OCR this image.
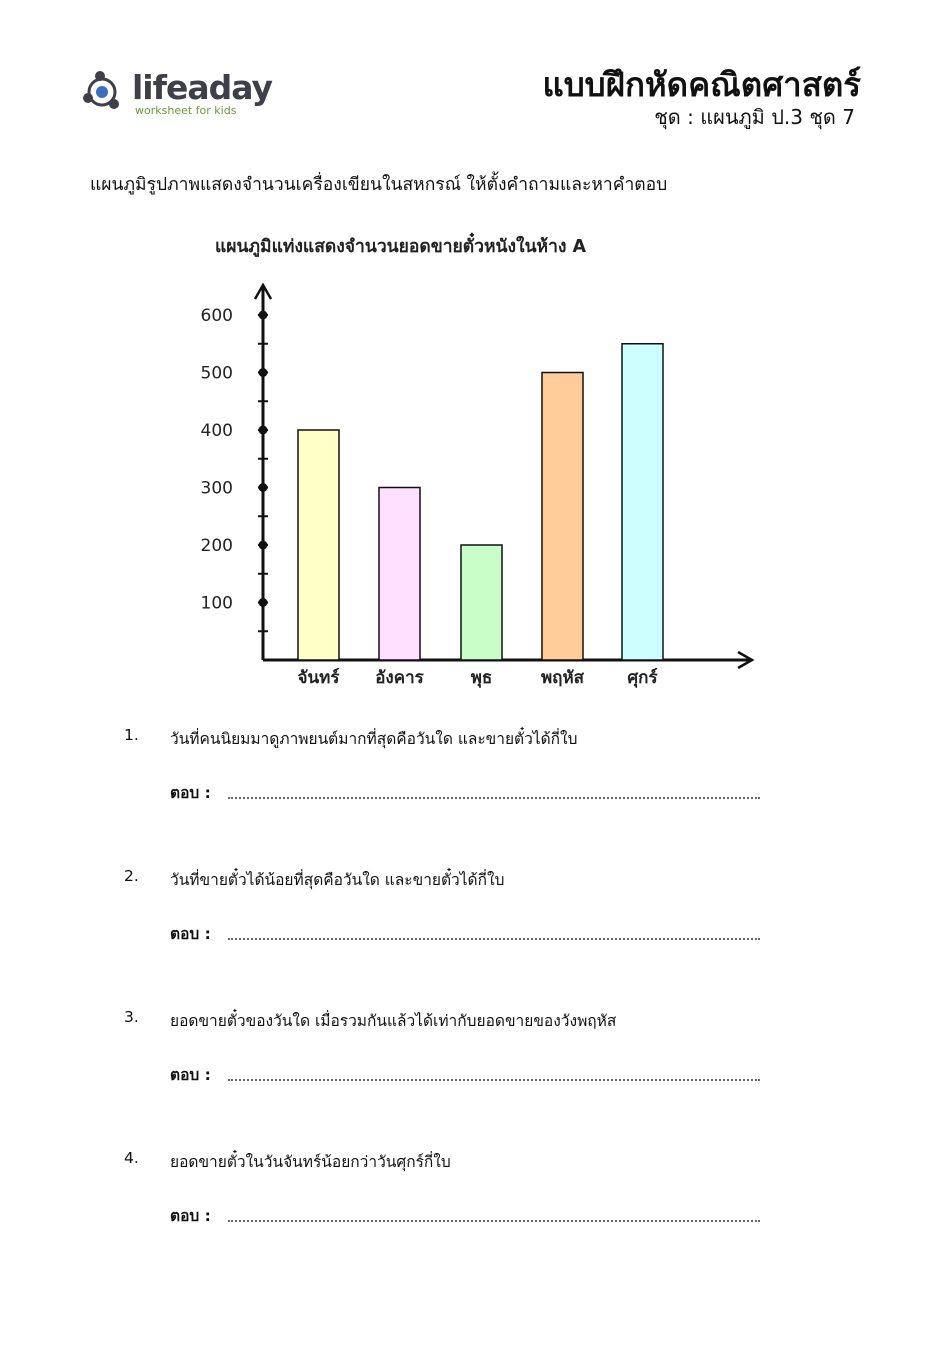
lifeaday
worksheet for kids
แบบฝึกหัดคณิตศาสตร์
ชุด : แผนภูมิ ป.3 ชุด 7
แผนภูมิรูปภาพแสดงจำนวนเครื่องเขียนในสหกรณ์ ให้ตั้งคำถามและหาคำตอบ
แผนภูมิแท่งแสดงจำนวนยอดขายตั๋วหนังในห้าง A
100
200
300
400
500
600
จันทร์ อังคาร	พุธ	พฤหัส	ศุกร์
1.	วันที่คนนิยมมาดูภาพยนต์มากที่สุดคือวันใด และขายตั๋วได้กี่ใบ
ตอบ :
2.	วันที่ขายตั๋วได้น้อยที่สุดคือวันใด และขายตั๋วได้กี่ใบ
ตอบ :
3.	ยอดขายตั๋วของวันใด เมื่อรวมกันแล้วได้เท่ากับยอดขายของวังพฤหัส
ตอบ :
4.	ยอดขายตั๋วในวันจันทร์น้อยกว่าวันศุกร์กี่ใบ
ตอบ :
